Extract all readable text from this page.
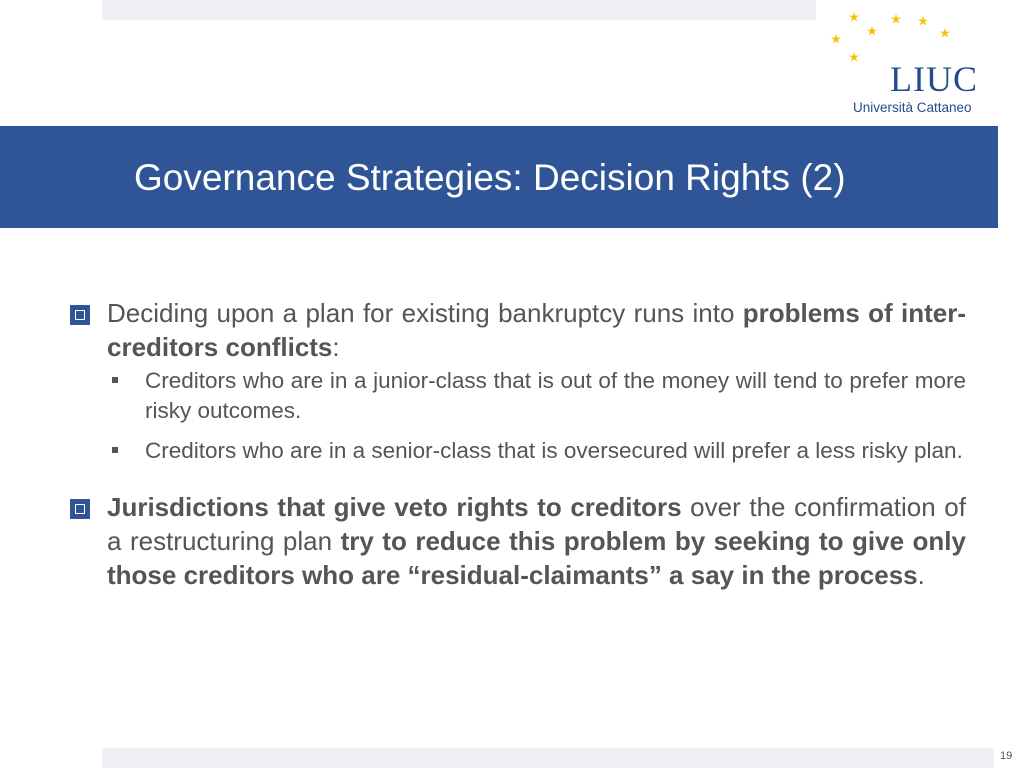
LIUC
Università Cattaneo
Governance Strategies: Decision Rights (2)
Deciding upon a plan for existing bankruptcy runs into problems of inter-creditors conflicts:
Creditors who are in a junior-class that is out of the money will tend to prefer more risky outcomes.
Creditors who are in a senior-class that is oversecured will prefer a less risky plan.
Jurisdictions that give veto rights to creditors over the confirmation of a restructuring plan try to reduce this problem by seeking to give only those creditors who are “residual-claimants” a say in the process.
19
